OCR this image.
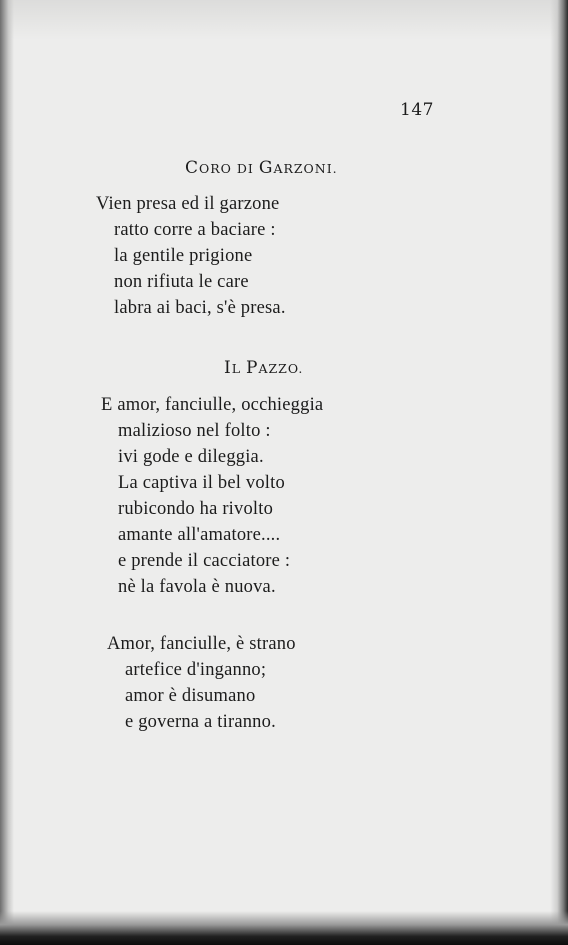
147
CORO DI GARZONI.
Vien presa ed il garzone
ratto corre a baciare :
la gentile prigione
non rifiuta le care
labra ai baci, s'è presa.
IL PAZZO.
E amor, fanciulle, occhieggia
malizioso nel folto :
ivi gode e dileggia.
La captiva il bel volto
rubicondo ha rivolto
amante all'amatore....
e prende il cacciatore :
nè la favola è nuova.
Amor, fanciulle, è strano
artefice d'inganno;
amor è disumano
e governa a tiranno.
